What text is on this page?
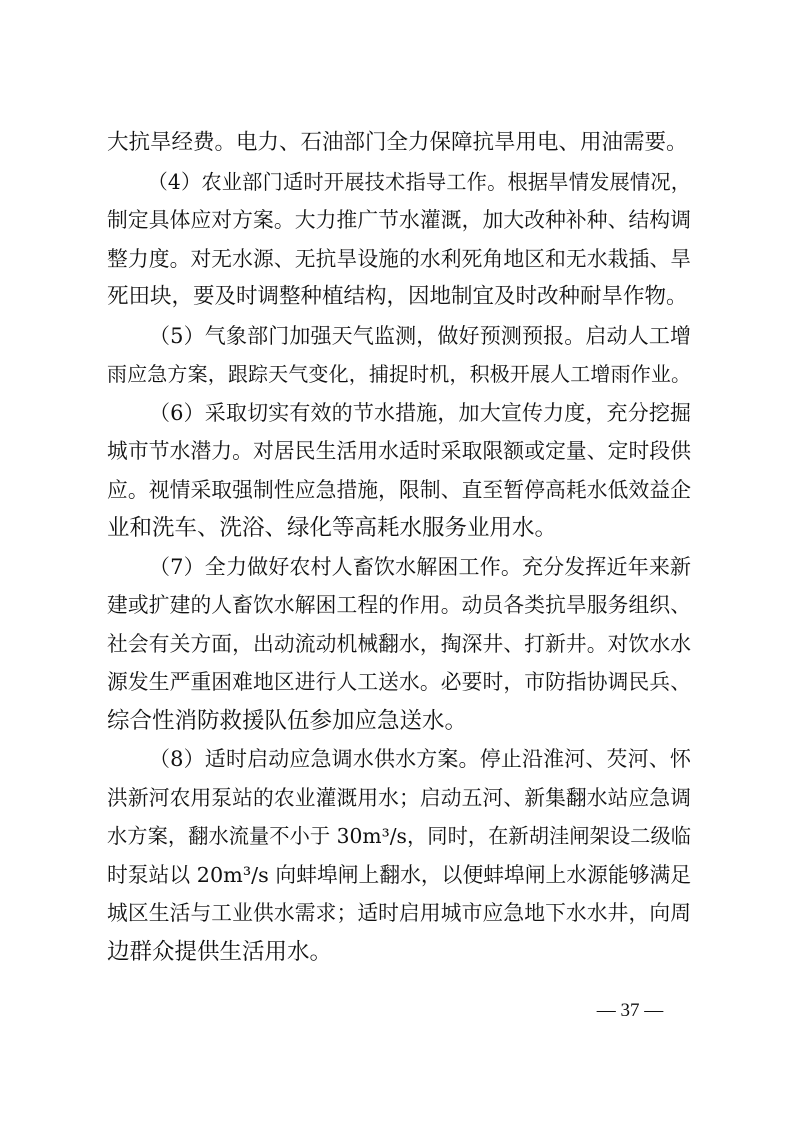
大抗旱经费。电力、石油部门全力保障抗旱用电、用油需要。
（4）农业部门适时开展技术指导工作。根据旱情发展情况，
制定具体应对方案。大力推广节水灌溉，加大改种补种、结构调
整力度。对无水源、无抗旱设施的水利死角地区和无水栽插、旱
死田块，要及时调整种植结构，因地制宜及时改种耐旱作物。
（5）气象部门加强天气监测，做好预测预报。启动人工增
雨应急方案，跟踪天气变化，捕捉时机，积极开展人工增雨作业。
（6）采取切实有效的节水措施，加大宣传力度，充分挖掘
城市节水潜力。对居民生活用水适时采取限额或定量、定时段供
应。视情采取强制性应急措施，限制、直至暂停高耗水低效益企
业和洗车、洗浴、绿化等高耗水服务业用水。
（7）全力做好农村人畜饮水解困工作。充分发挥近年来新
建或扩建的人畜饮水解困工程的作用。动员各类抗旱服务组织、
社会有关方面，出动流动机械翻水，掏深井、打新井。对饮水水
源发生严重困难地区进行人工送水。必要时，市防指协调民兵、
综合性消防救援队伍参加应急送水。
（8）适时启动应急调水供水方案。停止沿淮河、芡河、怀
洪新河农用泵站的农业灌溉用水；启动五河、新集翻水站应急调
水方案，翻水流量不小于 30m³/s，同时，在新胡洼闸架设二级临
时泵站以 20m³/s 向蚌埠闸上翻水，以便蚌埠闸上水源能够满足
城区生活与工业供水需求；适时启用城市应急地下水水井，向周
边群众提供生活用水。
— 37 —
